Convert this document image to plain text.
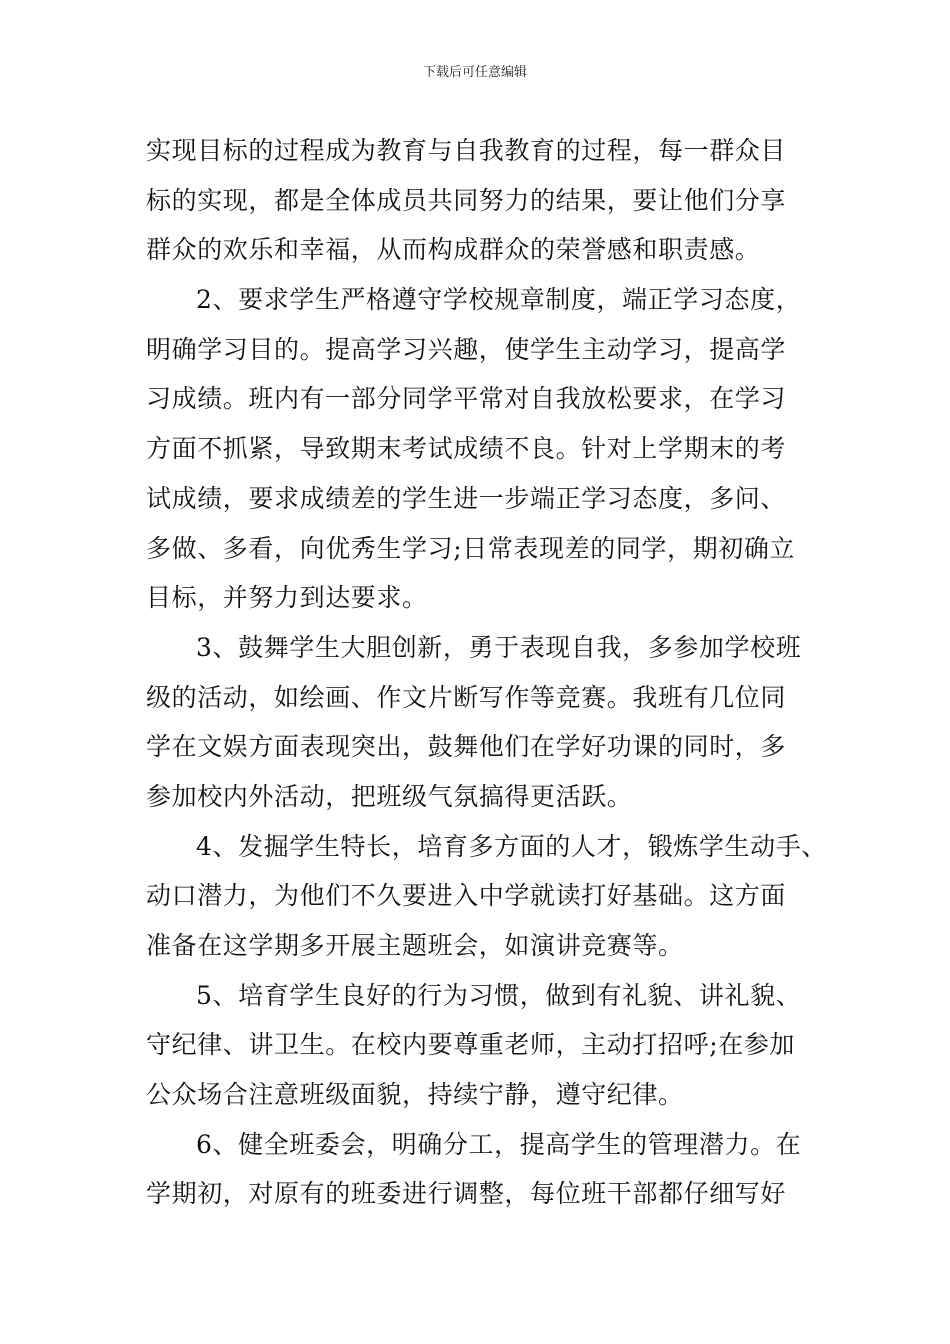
下载后可任意编辑

实现目标的过程成为教育与自我教育的过程，每一群众目
标的实现，都是全体成员共同努力的结果，要让他们分享
群众的欢乐和幸福，从而构成群众的荣誉感和职责感。

2、要求学生严格遵守学校规章制度，端正学习态度，
明确学习目的。提高学习兴趣，使学生主动学习，提高学
习成绩。班内有一部分同学平常对自我放松要求，在学习
方面不抓紧，导致期末考试成绩不良。针对上学期末的考
试成绩，要求成绩差的学生进一步端正学习态度，多问、
多做、多看，向优秀生学习;日常表现差的同学，期初确立
目标，并努力到达要求。

3、鼓舞学生大胆创新，勇于表现自我，多参加学校班
级的活动，如绘画、作文片断写作等竞赛。我班有几位同
学在文娱方面表现突出，鼓舞他们在学好功课的同时，多
参加校内外活动，把班级气氛搞得更活跃。

4、发掘学生特长，培育多方面的人才，锻炼学生动手、
动口潜力，为他们不久要进入中学就读打好基础。这方面
准备在这学期多开展主题班会，如演讲竞赛等。

5、培育学生良好的行为习惯，做到有礼貌、讲礼貌、
守纪律、讲卫生。在校内要尊重老师，主动打招呼;在参加
公众场合注意班级面貌，持续宁静，遵守纪律。

6、健全班委会，明确分工，提高学生的管理潜力。在
学期初，对原有的班委进行调整，每位班干部都仔细写好
